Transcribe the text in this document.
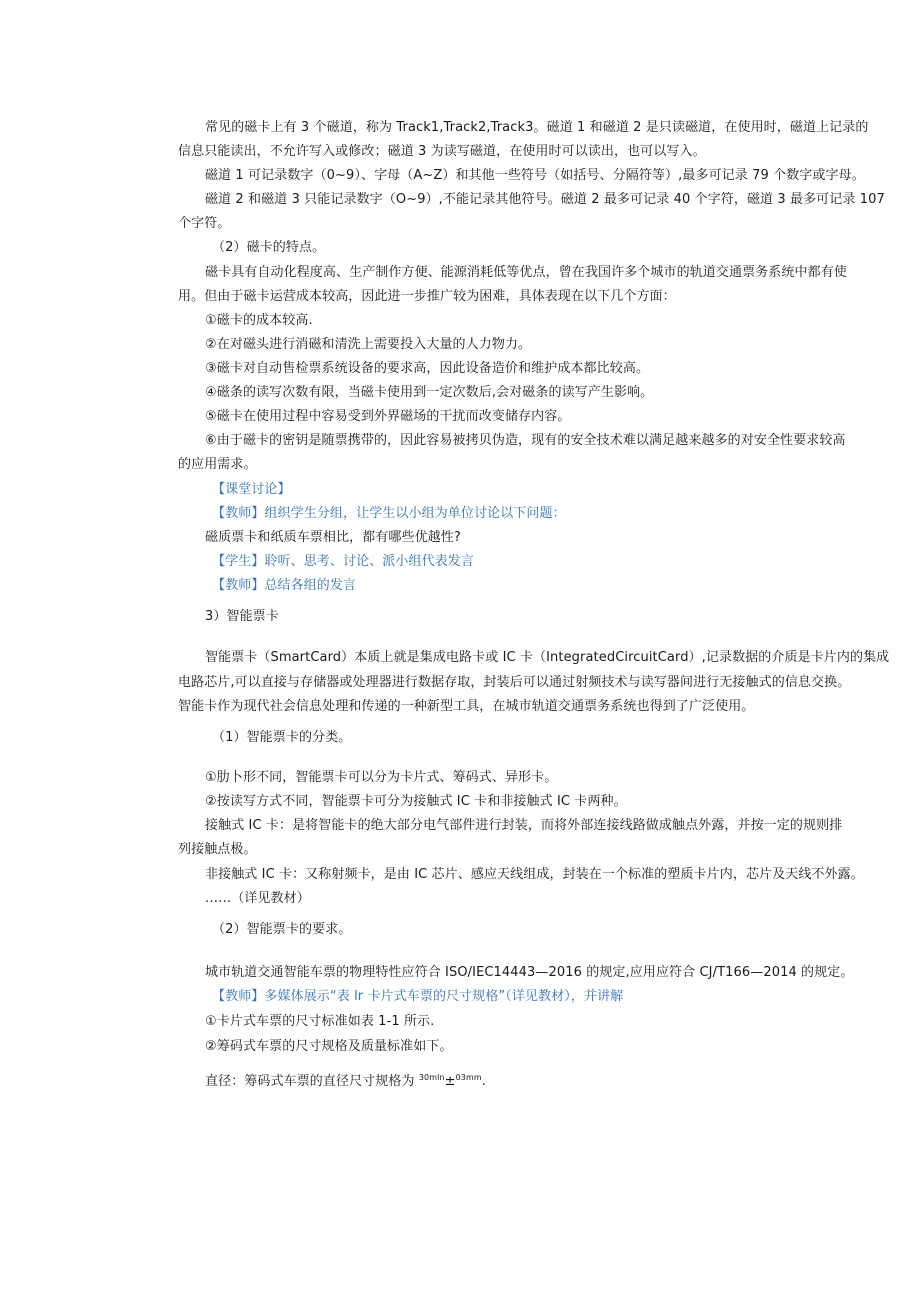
常见的磁卡上有 3 个磁道，称为 Track1,Track2,Track3。磁道 1 和磁道 2 是只读磁道，在使用时，磁道上记录的
信息只能读出，不允许写入或修改；磁道 3 为读写磁道，在使用时可以读出，也可以写入。
磁道 1 可记录数字（0~9）、字母（A~Z）和其他一些符号（如括号、分隔符等）,最多可记录 79 个数字或字母。
磁道 2 和磁道 3 只能记录数字（O~9）,不能记录其他符号。磁道 2 最多可记录 40 个字符，磁道 3 最多可记录 107
个字符。
（2）磁卡的特点。
磁卡具有自动化程度高、生产制作方便、能源消耗低等优点，曾在我国许多个城市的轨道交通票务系统中都有使
用。但由于磁卡运营成本较高，因此进一步推广较为困难，具体表现在以下几个方面：
①磁卡的成本较高.
②在对磁头进行消磁和清洗上需要投入大量的人力物力。
③磁卡对自动售检票系统设备的要求高，因此设备造价和维护成本都比较高。
④磁条的读写次数有限，当磁卡使用到一定次数后,会对磁条的读写产生影响。
⑤磁卡在使用过程中容易受到外界磁场的干扰而改变储存内容。
⑥由于磁卡的密钥是随票携带的，因此容易被拷贝伪造，现有的安全技术难以满足越来越多的对安全性要求较高
的应用需求。
【课堂讨论】
【教师】组织学生分组，让学生以小组为单位讨论以下问题：
磁质票卡和纸质车票相比，都有哪些优越性?
【学生】聆听、思考、讨论、派小组代表发言
【教师】总结各组的发言
3）智能票卡
智能票卡（SmartCard）本质上就是集成电路卡或 IC 卡（IntegratedCircuitCard）,记录数据的介质是卡片内的集成
电路芯片,可以直接与存储器或处理器进行数据存取，封装后可以通过射频技术与读写器间进行无接触式的信息交换。
智能卡作为现代社会信息处理和传递的一种新型工具，在城市轨道交通票务系统也得到了广泛使用。
（1）智能票卡的分类。
①肋卜形不同，智能票卡可以分为卡片式、筹码式、异形卡。
②按读写方式不同，智能票卡可分为接触式 IC 卡和非接触式 IC 卡两种。
接触式 IC 卡：是将智能卡的绝大部分电气部件进行封装，而将外部连接线路做成触点外露，并按一定的规则排
列接触点极。
非接触式 IC 卡：又称射频卡，是由 IC 芯片、感应天线组成，封装在一个标准的塑质卡片内，芯片及天线不外露。
……（详见教材）
（2）智能票卡的要求。
城市轨道交通智能车票的物理特性应符合 ISO/IEC14443—2016 的规定,应用应符合 CJ/T166—2014 的规定。
【教师】多媒体展示“表 lr 卡片式车票的尺寸规格”（详见教材），并讲解
①卡片式车票的尺寸标准如表 1-1 所示.
②筹码式车票的尺寸规格及质量标准如下。
直径：筹码式车票的直径尺寸规格为 $^{30mln}$±$^{03mm}$.
